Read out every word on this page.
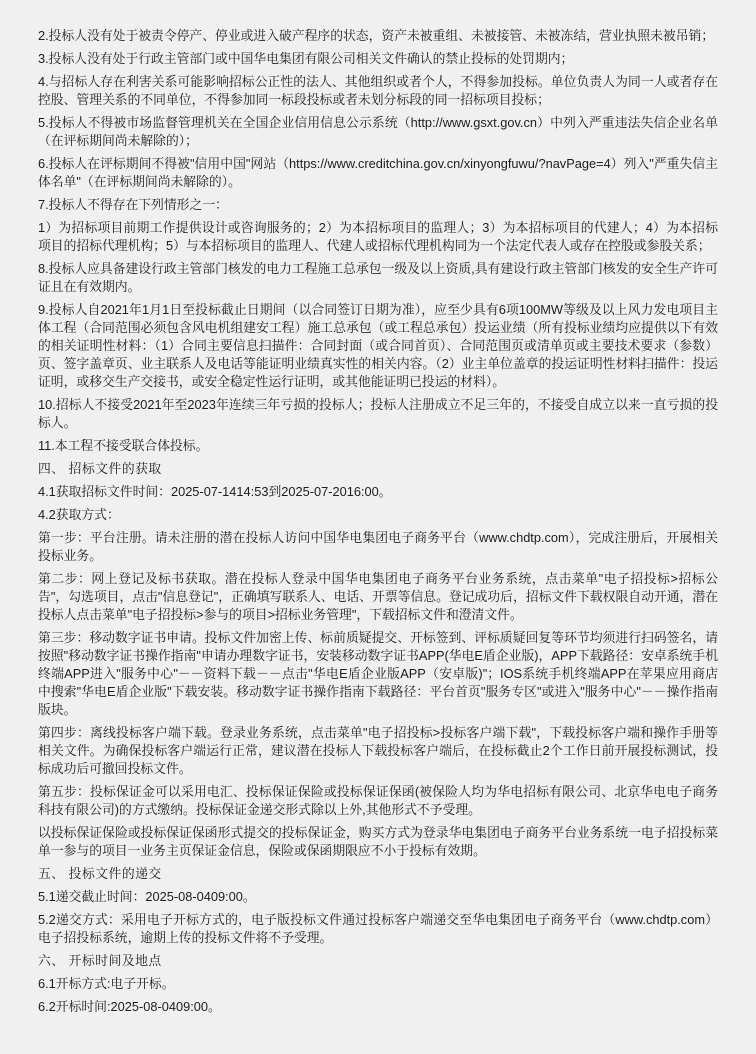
2.投标人没有处于被责令停产、停业或进入破产程序的状态，资产未被重组、未被接管、未被冻结，营业执照未被吊销；

3.投标人没有处于行政主管部门或中国华电集团有限公司相关文件确认的禁止投标的处罚期内；

4.与招标人存在利害关系可能影响招标公正性的法人、其他组织或者个人，不得参加投标。单位负责人为同一人或者存在控股、管理关系的不同单位，不得参加同一标段投标或者未划分标段的同一招标项目投标；

5.投标人不得被市场监督管理机关在全国企业信用信息公示系统（http://www.gsxt.gov.cn）中列入严重违法失信企业名单（在评标期间尚未解除的）；

6.投标人在评标期间不得被"信用中国"网站（https://www.creditchina.gov.cn/xinyongfuwu/?navPage=4）列入"严重失信主体名单"（在评标期间尚未解除的）。

7.投标人不得存在下列情形之一：

1）为招标项目前期工作提供设计或咨询服务的；2）为本招标项目的监理人；3）为本招标项目的代建人；4）为本招标项目的招标代理机构；5）与本招标项目的监理人、代建人或招标代理机构同为一个法定代表人或存在控股或参股关系；

8.投标人应具备建设行政主管部门核发的电力工程施工总承包一级及以上资质,具有建设行政主管部门核发的安全生产许可证且在有效期内。

9.投标人自2021年1月1日至投标截止日期间（以合同签订日期为准），应至少具有6项100MW等级及以上风力发电项目主体工程（合同范围必须包含风电机组建安工程）施工总承包（或工程总承包）投运业绩（所有投标业绩均应提供以下有效的相关证明性材料：（1）合同主要信息扫描件：合同封面（或合同首页）、合同范围页或清单页或主要技术要求（参数）页、签字盖章页、业主联系人及电话等能证明业绩真实性的相关内容。（2）业主单位盖章的投运证明性材料扫描件：投运证明，或移交生产交接书，或安全稳定性运行证明，或其他能证明已投运的材料）。

10.招标人不接受2021年至2023年连续三年亏损的投标人；投标人注册成立不足三年的，不接受自成立以来一直亏损的投标人。

11.本工程不接受联合体投标。

四、 招标文件的获取

4.1获取招标文件时间：2025-07-1414:53到2025-07-2016:00。

4.2获取方式：

第一步：平台注册。请未注册的潜在投标人访问中国华电集团电子商务平台（www.chdtp.com），完成注册后，开展相关投标业务。

第二步：网上登记及标书获取。潜在投标人登录中国华电集团电子商务平台业务系统，点击菜单"电子招投标>招标公告"，勾选项目，点击"信息登记"，正确填写联系人、电话、开票等信息。登记成功后，招标文件下载权限自动开通，潜在投标人点击菜单"电子招投标>参与的项目>招标业务管理"，下载招标文件和澄清文件。

第三步：移动数字证书申请。投标文件加密上传、标前质疑提交、开标签到、评标质疑回复等环节均须进行扫码签名，请按照"移动数字证书操作指南"申请办理数字证书，安装移动数字证书APP(华电E盾企业版)，APP下载路径：安卓系统手机终端APP进入"服务中心"－－资料下载－－点击"华电E盾企业版APP（安卓版)"；IOS系统手机终端APP在苹果应用商店中搜索"华电E盾企业版"下载安装。移动数字证书操作指南下载路径：平台首页"服务专区"或进入"服务中心"－－操作指南版块。

第四步：离线投标客户端下载。登录业务系统，点击菜单"电子招投标>投标客户端下载"，下载投标客户端和操作手册等相关文件。为确保投标客户端运行正常，建议潜在投标人下载投标客户端后，在投标截止2个工作日前开展投标测试，投标成功后可撤回投标文件。

第五步：投标保证金可以采用电汇、投标保证保险或投标保证保函(被保险人均为华电招标有限公司、北京华电电子商务科技有限公司)的方式缴纳。投标保证金递交形式除以上外,其他形式不予受理。

以投标保证保险或投标保证保函形式提交的投标保证金，购买方式为登录华电集团电子商务平台业务系统一电子招投标菜单一参与的项目一业务主页保证金信息，保险或保函期限应不小于投标有效期。

五、 投标文件的递交

5.1递交截止时间：2025-08-0409:00。

5.2递交方式：采用电子开标方式的，电子版投标文件通过投标客户端递交至华电集团电子商务平台（www.chdtp.com）电子招投标系统，逾期上传的投标文件将不予受理。

六、 开标时间及地点

6.1开标方式:电子开标。

6.2开标时间:2025-08-0409:00。
